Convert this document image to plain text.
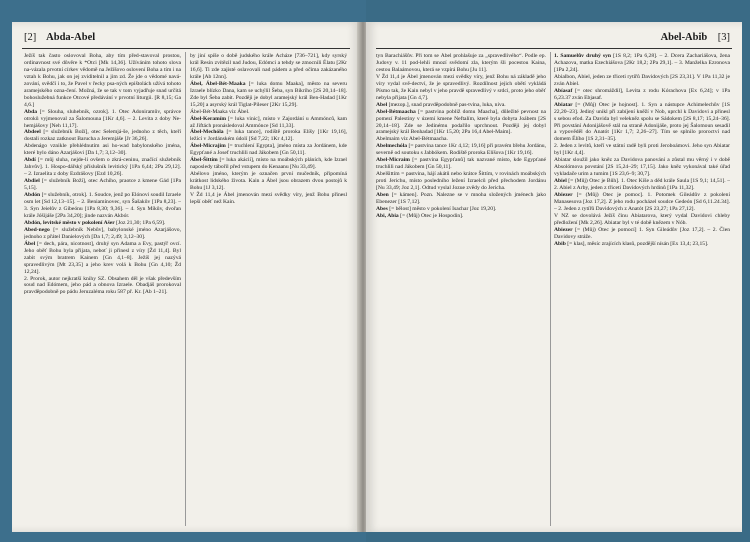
[2] Abda-Abel

Ježíš tak často oslovoval Boha, aby tím před-stavoval prostou, ordinavnost své důvěre k *Otci [Mk 14,36]. Užíváním tohoto slova na-vázala prvotní církev vědomě na Ježíšovo oslovení Boha a tím i na vztah k Bohu, jak on jej zviditelnil a jim zd. Že jde o vědomé navá-zování, svědčí i to, že Pavel v řecky psa-ných epištolách užívá tohoto aramejského ozna-čení. Možná, že se tak v tom vyjadřuje snad určitá bohoslužebná funkce Otcové předávání v prvotní liturgii. [R 8,15; Ga 4,6.]

Abda [= Slouha, sluhebník, ozrok]. 1. Otec Adoniramův, správce otroků vyjmenoval za Šalomouna [1Kr 4,6]. – 2. Levita z doby Ne-hemjášovy [Neh 11,17].

Abdeel [= služebník Boží], otec Selemjá-še, jednoho z těch, kteří dostali rozkaz zatknout Barucha a Jeremjáše [Jr 36,26].

Abdenágo vznikle přehlédnutím asi ho-wad babylonského jména, které bylo dáno Azarjášovi [Da 1,7; 3,12–30].

Abdí [= můj sluha, nejde-li ovšem o zkrá-ceninu, značící služebník Jahvův]. 1. Hospo-dářský příslušník levitický [1Pa 6,44; 2Pa 29,12]. – 2. Izraelita z doby Ezdrášovy [Ezd 10,26].

Abdiel [= služebník Boží], otec Achího, praotce z kmene Gád [1Pa 5,15].

Abdón [= služebník, otrok]. 1. Soudce, jenž po Elónovi soudil Izraele osm let [Sd 12,13–15]. – 2. Beniamínovec, syn Šašakův [1Pa 8,23]. – 3. Syn Jeielův z Gibeónu [1Pa 8,30; 9,36]. – 4. Syn Míkův, dvořan krále Jóšijáše [2Pa 34,20]; jinde nazván Akbór.

Abdón, levitské město v pokolení Ašer [Joz 21,30; 1Pa 6,59].

Abed-nego [= služebník Nebův], babylonské jméno Azarjášovo, jednoho z přátel Danielových [Da 1,7; 2,49; 3,12–30].

Ábel [= dech, pára, nicotnost], druhý syn Adama a Evy, pastýř ovcí. Jeho oběť Bohu byla přijata, neboť ji přinesl z víry [Žd 11,4]. Byl zabit svým bratrem Kainem [Gn 4,1–8]. Ježíš jej nazývá spravedlivým [Mt 23,35] a jeho krev volá k Bohu [Gn 4,10; Žd 12,24].

2. Prorok, autor nejkratší knihy SZ. Obsahem děl je však především soud nad Edómem, jeho pád a obnova Izraele. Obadjáš prorokoval pravděpodobně po pádu Jeruzaléma roku 587 př. Kr. [Ab 1–21].

by jiní spíše o době judského krále Acháze [736–721], kdy syrský král Resín zvítězil nad Judou, Edómci a tehdy se zmocnili Élatu [2Kr 16,6]. Ti zde zajisté oslavovali nad pádem a před očima zakázaného krále [Ab 12nn].

Ábel, Ábel-Bét-Maaka [= luka domu Maaka], město na severu Izraele blízko Dana, kam se uchýlil Šeba, syn Bikrího [2S 20,14–18]. Zde byl Šeba zabit. Později je dobyl aramejský král Ben-Hadad [1Kr 15,20] a asyrský král Tiglat-Pileser [2Kr 15,29].

Ábel-Bét-Maaka viz Ábel.

Ábel-Keramím [= luka vinic], místo v Zajordání u Ammónců, kam až Jiftách pronásledoval Ammónce [Sd 11,33].

Ábel-Mechóla [= luka tance], rodiště proroka Elíšy [1Kr 19,16], ležící v Jordánském údolí [Sd 7,22; 1Kr 4,12].

Ábel-Micrajim [= truchlení Egypta], jméno místa za Jordánem, kde Egypťané a Josef truchlili nad Jákobem [Gn 50,11].

Ábel-Šittím [= luka akácií], místo na moábských pláních, kde Izrael naposledy tábořil před vstupem do Kenaanu [Nu 33,49].

Abélovo jméno, kterým je označen první mučedník, připomíná krátkost lidského života. Kain a Ábel jsou obrazem dvou postojů k Bohu [1J 3,12].

V Žd 11,4 je Ábel jmenován mezi svědky víry, jenž Bohu přinesl lepší oběť než Kain.

Abel-Abib [3]

tyn Barachiášův. Při tom se Ábel prohlašuje za „spravedlivého“. Podle ep. Judovy v. 11 pod-lehli mnozí svědomí zla, kterým šli pocestou Kaina, cestou Balaámovou, která se vzpírá Bohu [Ju 11].

V Žd 11,4 je Ábel jmenován mezi svědky víry, jenž Bohu ná základě jeho víry vydal svě-dectví, že je spravedlivý. Rozdílnost jejich obětí vykládá Písmo tak, že Kain nebyl v jeho pravdě spravedlivý v srdci, proto jeho oběť nebyla přijata [Gn 4,7].

Abel [mezop.], snad pravděpodobně pas-tvina, luka, niva.

Abel-Bétmaacha [= pastvina pobliž domu Maacha], důležité pevnost na pomezí Palestiny v území kmene Neftalím, které byla dobyta Joábem [2S 20,14–18]. Zde se Jedinému podařilo uprchnout. Později jej dobyl aramejský král Benhadad [1Kr 15,20; 2Pa 16,4 Abel-Maim].

Abelmaim viz Abel-Bétmaacha.

Abelmechóla [= pastvina tance 1Kr 4,12; 19,16] při pravém břehu Jordánu, severně od soutoku s Jabbókem. Rodiště proroka Elíšova [1Kr 19,16].

Abel-Micraim [= pastvina Egypťanů] tak nazvané místo, kde Egypťané truchlili nad Jákobem [Gn 50,11].

Abelšittím = pastvina, hájí akátů nebo krátce Šittím, v rovinách moábských proti Jerichu, místo posledního ležení Izraelců před přechodem Jordánu [Nu 33,49; Joz 2,1]. Odtud vyslal Jozue zvědy do Jericha.

Aben [= kámen]. Pozn. Nalezne se v mnoha složených jménech jako Ebenezer [1S 7,12].

Abes [= bělost] město v pokolení Isachar [Joz 19,20].

Abi, Abia [= (Můj) Otec je Hospodin].

1. Samuelův druhý syn [1S 8,2; 1Pa 6,28]. – 2. Dcera Zachariášova, žena Achazova, matka Ezechiášova [2Kr 18,2; 2Pa 29,1]. – 3. Manželka Ezronova [1Pa 2,24].

Abialbon, Abiel, jeden ze třiceti rytířů Davidových [2S 23,31]. V 1Pa 11,32 je zván Abiel.

Abíasaf [= otec shromáždil], Levita z rodu Kórachova [Ex 6,24]; v 1Pa 6,23.37 zván Ebjasaf.

Abiatar [= (Můj) Otec je hojnost]. 1. Syn a nástupce Achimelechův [1S 22,20–23]. Jediný unikl při zabíjení kněží v Nob, uprchl k Davidovi a přinesl s sebou efod. Za Davida byl velekněz spolu se Sádokem [2S 8,17; 15,24–36]. Při povstání Adonijášově stál na straně Adonijáše, proto jej Šalomoun sesadil a vypověděl do Anatót [1Kr 1,7; 2,26–27]. Tím se splnilo proroctví nad domem Élího [1S 2,31–35].

2. Jeden z levitů, kteří ve státní radě byli proti Jeroboámovi. Jeho syn Abiatar byl [1Kr 4,4].

Abiatar sloužil jako kněz za Davidova panování a zůstal mu věrný i v době Absolómova povstání [2S 15,24–29; 17,15]. Jako kněz vykonával také úřad vykladače urim a tumim [1S 23,6–9; 30,7].

Abiel [= (Můj) Otec je Bůh]. 1. Otec Kíše a děd krále Saula [1S 9,1; 14,51]. – 2. Abiel z Arby, jeden z třiceti Davidových hrdinů [1Pa 11,32].

Abiezer [= (Můj) Otec je pomoc]. 1. Potomek Gileádův z pokolení Manasesova [Joz 17,2]. Z jeho rodu pocházel soudce Gedeón [Sd 6,11.24.34]. – 2. Jeden z rytířů Davidových z Anatót [2S 23,27; 1Pa 27,12].

V NZ se dovolává Ježíš činu Abiatarova, který vydal Davidovi chleby předložení [Mk 2,26]. Abiatar byl v té době knězem v Nób.

Abiezer [= (Můj) Otec je pomocí] 1. Syn Gileádův [Joz 17,2]. – 2. Člen Davidovy stráže.

Abib [= klas], měsíc zrajících klasů, pozdější nísán [Ex 13,4; 23,15].
